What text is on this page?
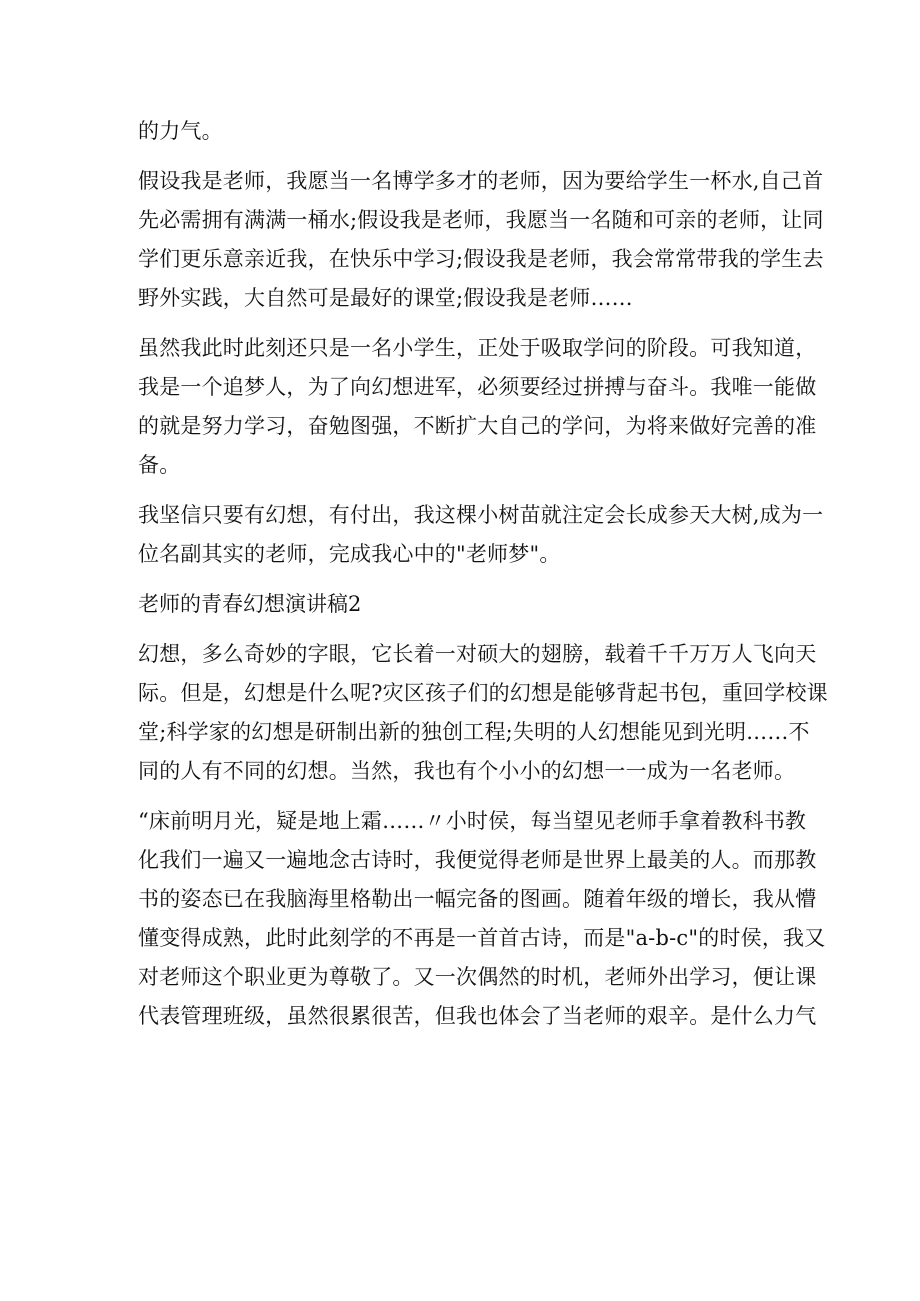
的力气。
假设我是老师，我愿当一名博学多才的老师，因为要给学生一杯水,自己首
先必需拥有满满一桶水;假设我是老师，我愿当一名随和可亲的老师，让同
学们更乐意亲近我，在快乐中学习;假设我是老师，我会常常带我的学生去
野外实践，大自然可是最好的课堂;假设我是老师……
虽然我此时此刻还只是一名小学生，正处于吸取学问的阶段。可我知道，
我是一个追梦人，为了向幻想进军，必须要经过拼搏与奋斗。我唯一能做
的就是努力学习，奋勉图强，不断扩大自己的学问，为将来做好完善的准
备。
我坚信只要有幻想，有付出，我这棵小树苗就注定会长成参天大树,成为一
位名副其实的老师，完成我心中的"老师梦"。
老师的青春幻想演讲稿2
幻想，多么奇妙的字眼，它长着一对硕大的翅膀，载着千千万万人飞向天
际。但是，幻想是什么呢?灾区孩子们的幻想是能够背起书包，重回学校课
堂;科学家的幻想是研制出新的独创工程;失明的人幻想能见到光明……不
同的人有不同的幻想。当然，我也有个小小的幻想一一成为一名老师。
“床前明月光，疑是地上霜……〃小时侯，每当望见老师手拿着教科书教
化我们一遍又一遍地念古诗时，我便觉得老师是世界上最美的人。而那教
书的姿态已在我脑海里格勒出一幅完备的图画。随着年级的增长，我从懵
懂变得成熟，此时此刻学的不再是一首首古诗，而是"a-b-c"的时侯，我又
对老师这个职业更为尊敬了。又一次偶然的时机，老师外出学习，便让课
代表管理班级，虽然很累很苦，但我也体会了当老师的艰辛。是什么力气
